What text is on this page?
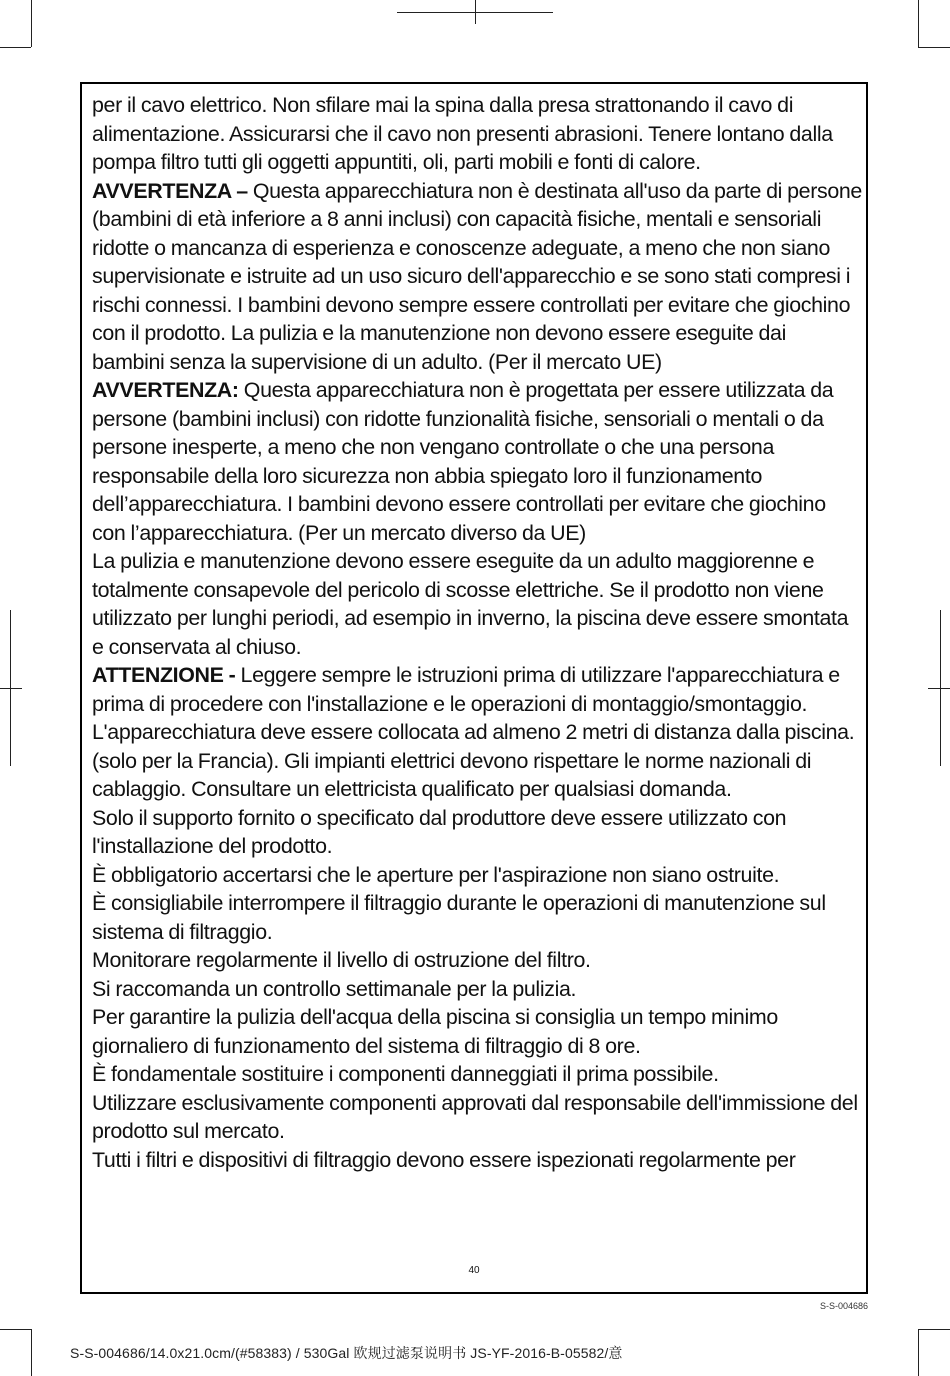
per il cavo elettrico. Non sfilare mai la spina dalla presa strattonando il cavo di alimentazione. Assicurarsi che il cavo non presenti abrasioni. Tenere lontano dalla pompa filtro tutti gli oggetti appuntiti, oli, parti mobili e fonti di calore.

AVVERTENZA – Questa apparecchiatura non è destinata all'uso da parte di persone (bambini di età inferiore a 8 anni inclusi) con capacità fisiche, mentali e sensoriali ridotte o mancanza di esperienza e conoscenze adeguate, a meno che non siano supervisionate e istruite ad un uso sicuro dell'apparecchio e se sono stati compresi i rischi connessi. I bambini devono sempre essere controllati per evitare che giochino con il prodotto. La pulizia e la manutenzione non devono essere eseguite dai bambini senza la supervisione di un adulto. (Per il mercato UE)

AVVERTENZA: Questa apparecchiatura non è progettata per essere utilizzata da persone (bambini inclusi) con ridotte funzionalità fisiche, sensoriali o mentali o da persone inesperte, a meno che non vengano controllate o che una persona responsabile della loro sicurezza non abbia spiegato loro il funzionamento dell’apparecchiatura. I bambini devono essere controllati per evitare che giochino con l’apparecchiatura. (Per un mercato diverso da UE)

La pulizia e manutenzione devono essere eseguite da un adulto maggiorenne e totalmente consapevole del pericolo di scosse elettriche. Se il prodotto non viene utilizzato per lunghi periodi, ad esempio in inverno, la piscina deve essere smontata e conservata al chiuso.

ATTENZIONE - Leggere sempre le istruzioni prima di utilizzare l'apparecchiatura e prima di procedere con l'installazione e le operazioni di montaggio/smontaggio.

L'apparecchiatura deve essere collocata ad almeno 2 metri di distanza dalla piscina. (solo per la Francia). Gli impianti elettrici devono rispettare le norme nazionali di cablaggio. Consultare un elettricista qualificato per qualsiasi domanda.

Solo il supporto fornito o specificato dal produttore deve essere utilizzato con l'installazione del prodotto.

È obbligatorio accertarsi che le aperture per l'aspirazione non siano ostruite.

È consigliabile interrompere il filtraggio durante le operazioni di manutenzione sul sistema di filtraggio.

Monitorare regolarmente il livello di ostruzione del filtro.

Si raccomanda un controllo settimanale per la pulizia.

Per garantire la pulizia dell'acqua della piscina si consiglia un tempo minimo giornaliero di funzionamento del sistema di filtraggio di 8 ore.

È fondamentale sostituire i componenti danneggiati il prima possibile.

Utilizzare esclusivamente componenti approvati dal responsabile dell'immissione del prodotto sul mercato.

Tutti i filtri e dispositivi di filtraggio devono essere ispezionati regolarmente per

40
S-S-004686
S-S-004686/14.0x21.0cm/(#58383) / 530Gal 欧规过滤泵说明书 JS-YF-2016-B-05582/意
